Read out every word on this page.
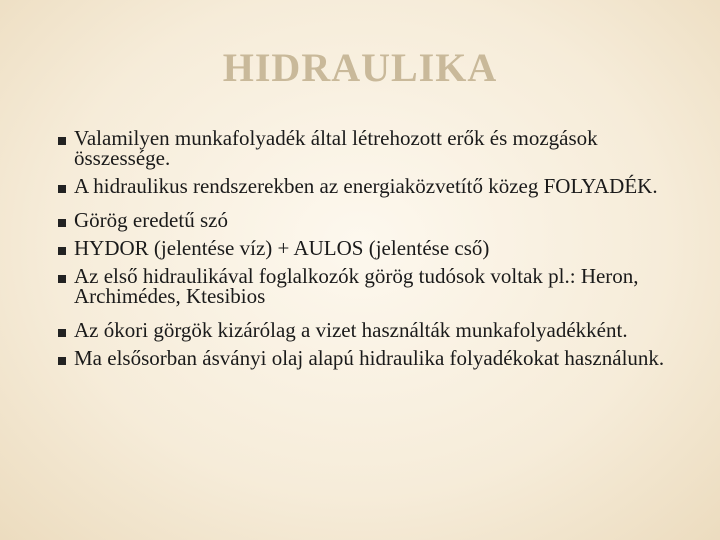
HIDRAULIKA
Valamilyen munkafolyadék által létrehozott erők és mozgások összessége.
A hidraulikus rendszerekben az energiaközvetítő közeg FOLYADÉK.
Görög eredetű szó
HYDOR (jelentése víz) + AULOS (jelentése cső)
Az első hidraulikával foglalkozók görög tudósok voltak pl.: Heron, Archimédes, Ktesibios
Az ókori görgök kizárólag a vizet használták munkafolyadékként.
Ma elsősorban ásványi olaj alapú hidraulika folyadékokat használunk.
